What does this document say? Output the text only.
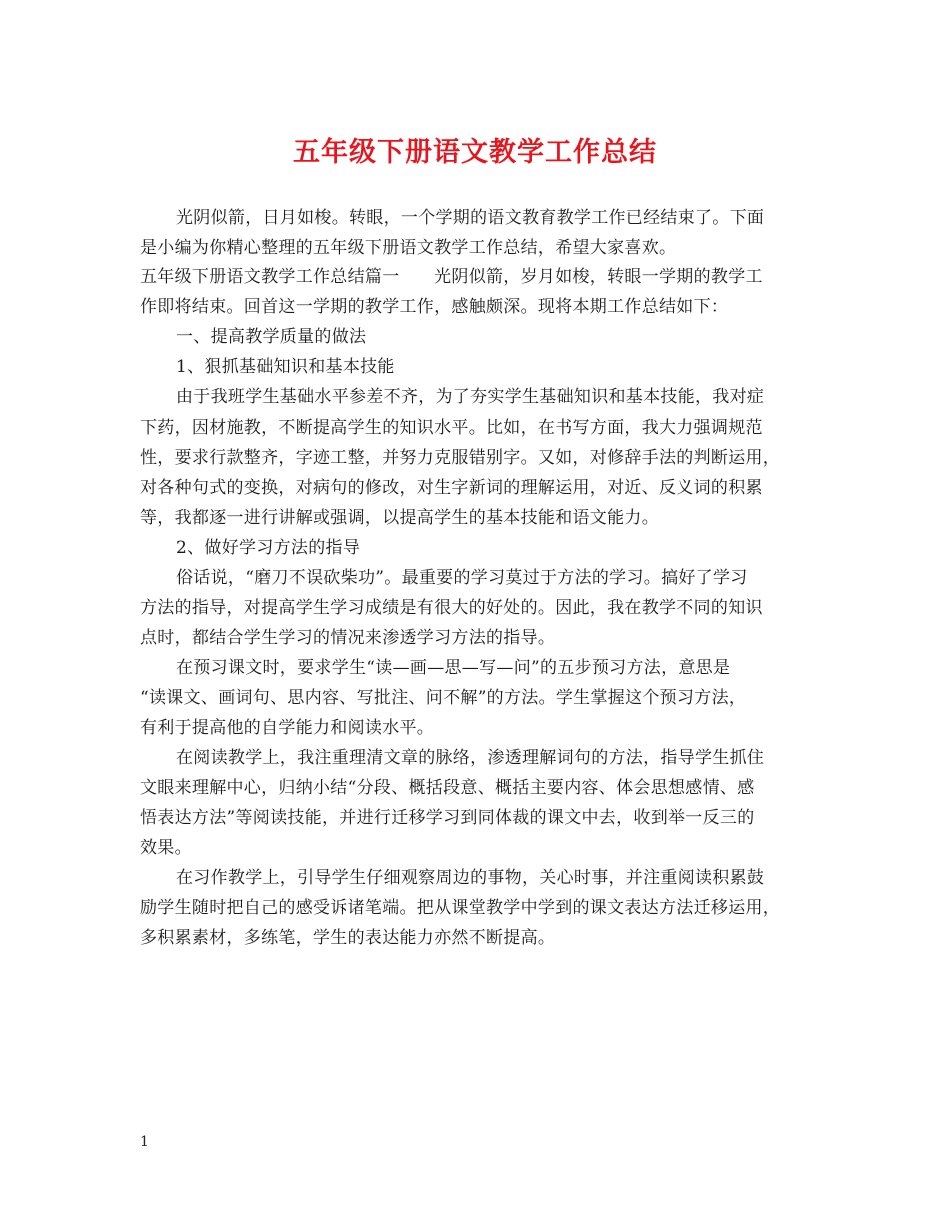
五年级下册语文教学工作总结
光阴似箭，日月如梭。转眼，一个学期的语文教育教学工作已经结束了。下面
是小编为你精心整理的五年级下册语文教学工作总结，希望大家喜欢。
五年级下册语文教学工作总结篇一　　光阴似箭，岁月如梭，转眼一学期的教学工
作即将结束。回首这一学期的教学工作，感触颇深。现将本期工作总结如下：
一、提高教学质量的做法
1、狠抓基础知识和基本技能
由于我班学生基础水平参差不齐，为了夯实学生基础知识和基本技能，我对症
下药，因材施教，不断提高学生的知识水平。比如，在书写方面，我大力强调规范
性，要求行款整齐，字迹工整，并努力克服错别字。又如，对修辞手法的判断运用，
对各种句式的变换，对病句的修改，对生字新词的理解运用，对近、反义词的积累
等，我都逐一进行讲解或强调，以提高学生的基本技能和语文能力。
2、做好学习方法的指导
俗话说，“磨刀不误砍柴功”。最重要的学习莫过于方法的学习。搞好了学习
方法的指导，对提高学生学习成绩是有很大的好处的。因此，我在教学不同的知识
点时，都结合学生学习的情况来渗透学习方法的指导。
在预习课文时，要求学生“读—画—思—写—问”的五步预习方法，意思是
“读课文、画词句、思内容、写批注、问不解”的方法。学生掌握这个预习方法，
有利于提高他的自学能力和阅读水平。
在阅读教学上，我注重理清文章的脉络，渗透理解词句的方法，指导学生抓住
文眼来理解中心，归纳小结“分段、概括段意、概括主要内容、体会思想感情、感
悟表达方法”等阅读技能，并进行迁移学习到同体裁的课文中去，收到举一反三的
效果。
在习作教学上，引导学生仔细观察周边的事物，关心时事，并注重阅读积累鼓
励学生随时把自己的感受诉诸笔端。把从课堂教学中学到的课文表达方法迁移运用，
多积累素材，多练笔，学生的表达能力亦然不断提高。
1
